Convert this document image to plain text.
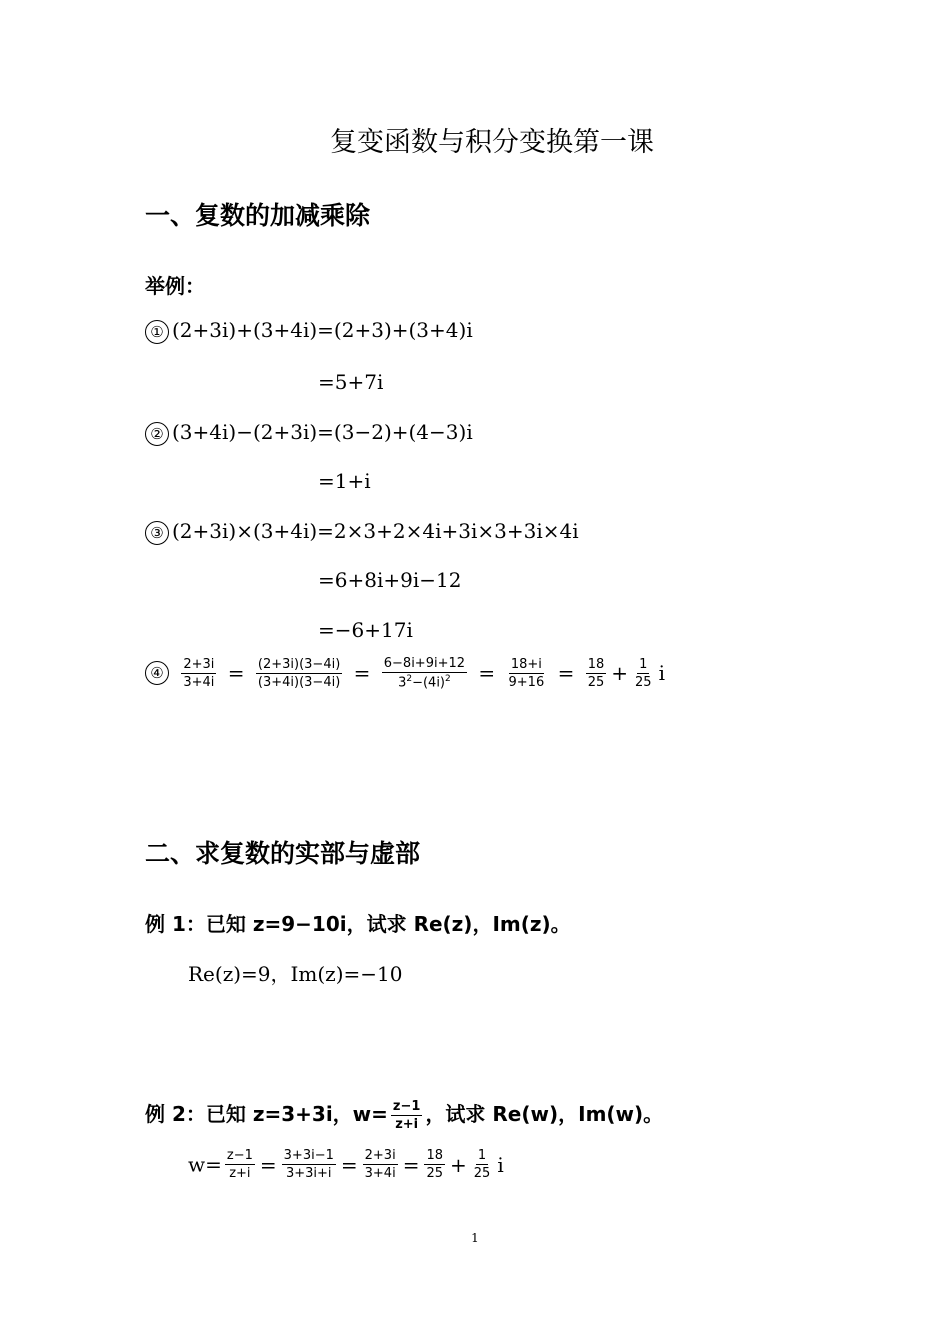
复变函数与积分变换第一课
一、复数的加减乘除
举例：
① (2+3i)+(3+4i)=(2+3)+(3+4)i
=5+7i
② (3+4i)−(2+3i)=(3−2)+(4−3)i
=1+i
③ (2+3i)×(3+4i)=2×3+2×4i+3i×3+3i×4i
=6+8i+9i−12
=−6+17i
④ $\frac{2+3i}{3+4i} = \frac{(2+3i)(3-4i)}{(3+4i)(3-4i)} = \frac{6-8i+9i+12}{3^2-(4i)^2} = \frac{18+i}{9+16} = \frac{18}{25} + \frac{1}{25}$ i
二、求复数的实部与虚部
例 1：已知 z=9−10i，试求 Re(z)，Im(z)。
Re(z)=9，Im(z)=−10
例 2：已知 z=3+3i，$w= \frac{z-1}{z+i}$ ，试求 Re(w)，Im(w)。
$w= \frac{z-1}{z+i} = \frac{3+3i-1}{3+3i+i} = \frac{2+3i}{3+4i} = \frac{18}{25} + \frac{1}{25}$ i
1
